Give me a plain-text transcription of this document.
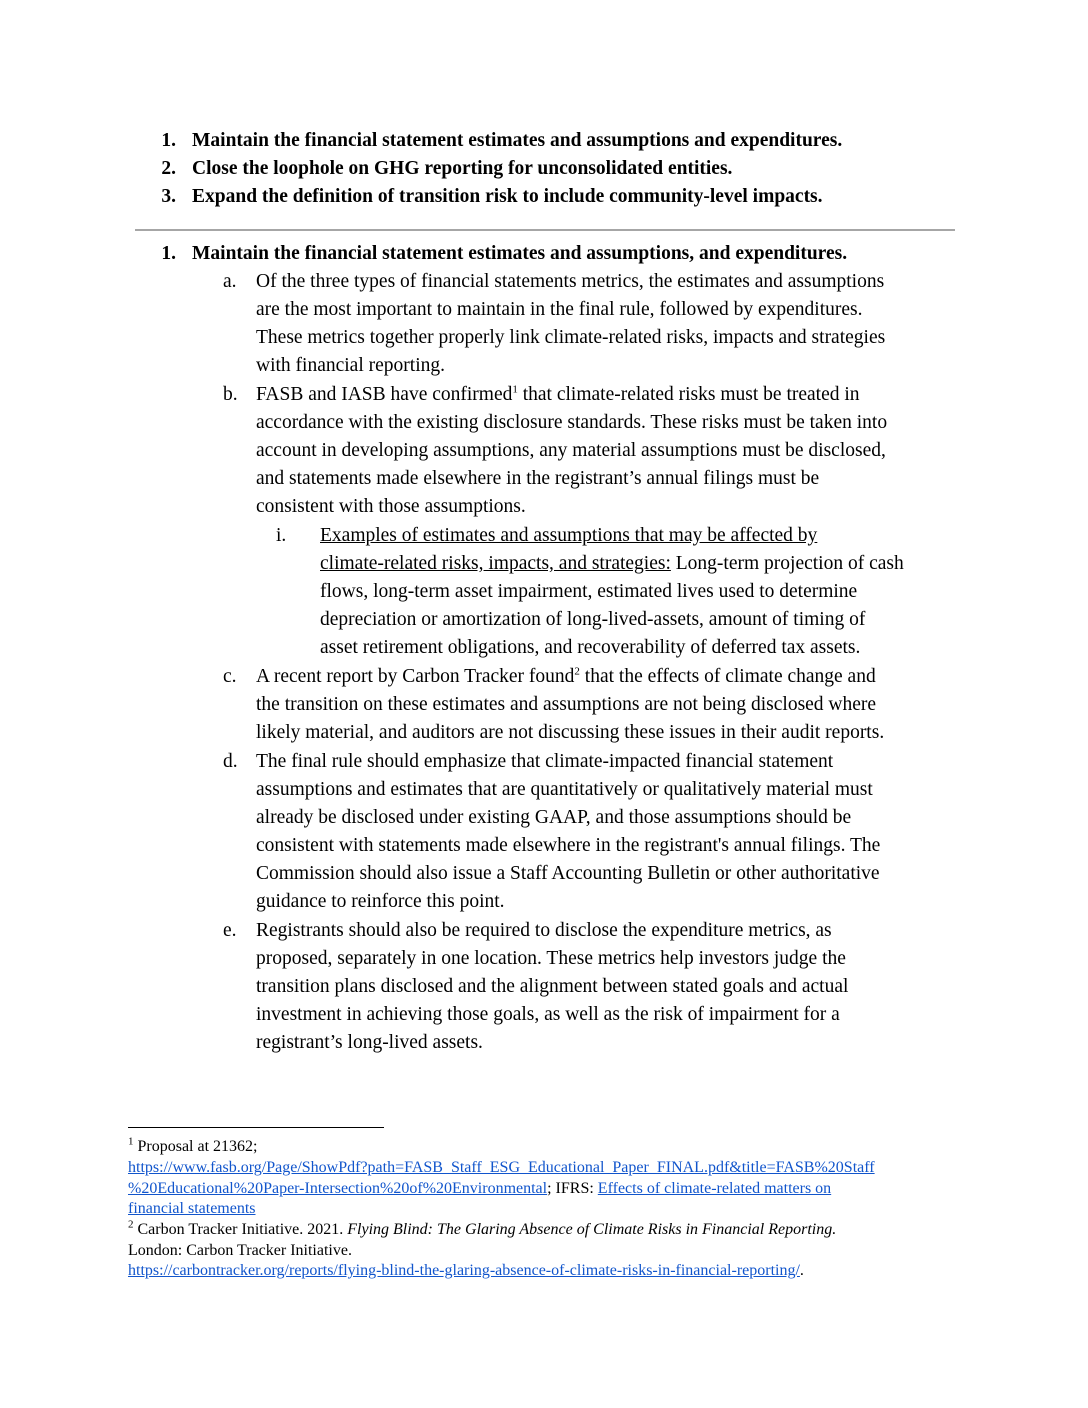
1. Maintain the financial statement estimates and assumptions and expenditures.
2. Close the loophole on GHG reporting for unconsolidated entities.
3. Expand the definition of transition risk to include community-level impacts.
1. Maintain the financial statement estimates and assumptions, and expenditures.
a. Of the three types of financial statements metrics, the estimates and assumptions
are the most important to maintain in the final rule, followed by expenditures.
These metrics together properly link climate-related risks, impacts and strategies
with financial reporting.
b. FASB and IASB have confirmed$^1$ that climate-related risks must be treated in
accordance with the existing disclosure standards. These risks must be taken into
account in developing assumptions, any material assumptions must be disclosed,
and statements made elsewhere in the registrant’s annual filings must be
consistent with those assumptions.
i. Examples of estimates and assumptions that may be affected by
climate-related risks, impacts, and strategies: Long-term projection of cash
flows, long-term asset impairment, estimated lives used to determine
depreciation or amortization of long-lived-assets, amount of timing of
asset retirement obligations, and recoverability of deferred tax assets.
c. A recent report by Carbon Tracker found$^2$ that the effects of climate change and
the transition on these estimates and assumptions are not being disclosed where
likely material, and auditors are not discussing these issues in their audit reports.
d. The final rule should emphasize that climate-impacted financial statement
assumptions and estimates that are quantitatively or qualitatively material must
already be disclosed under existing GAAP, and those assumptions should be
consistent with statements made elsewhere in the registrant's annual filings. The
Commission should also issue a Staff Accounting Bulletin or other authoritative
guidance to reinforce this point.
e. Registrants should also be required to disclose the expenditure metrics, as
proposed, separately in one location. These metrics help investors judge the
transition plans disclosed and the alignment between stated goals and actual
investment in achieving those goals, as well as the risk of impairment for a
registrant’s long-lived assets.
$^1$ Proposal at 21362;
https://www.fasb.org/Page/ShowPdf?path=FASB_Staff_ESG_Educational_Paper_FINAL.pdf&title=FASB%20Staff
%20Educational%20Paper-Intersection%20of%20Environmental; IFRS: Effects of climate-related matters on
financial statements
$^2$ Carbon Tracker Initiative. 2021. Flying Blind: The Glaring Absence of Climate Risks in Financial Reporting.
London: Carbon Tracker Initiative.
https://carbontracker.org/reports/flying-blind-the-glaring-absence-of-climate-risks-in-financial-reporting/.
